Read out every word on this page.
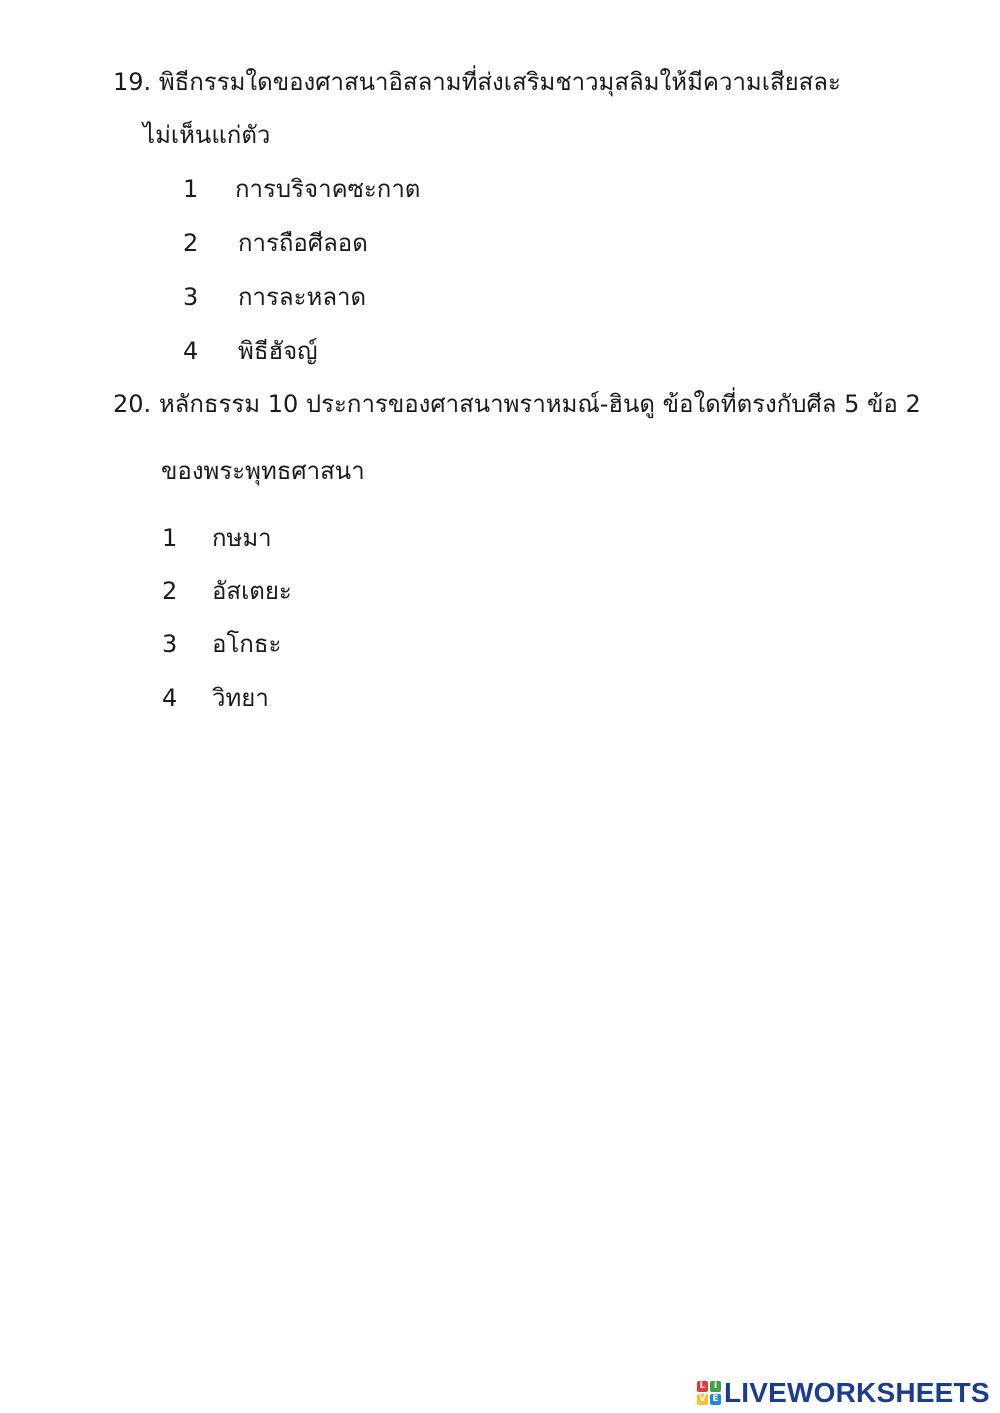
19. พิธีกรรมใดของศาสนาอิสลามที่ส่งเสริมชาวมุสลิมให้มีความเสียสละ
ไม่เห็นแก่ตัว
1 การบริจาคซะกาต
2 การถือศีลอด
3 การละหลาด
4 พิธีฮัจญ์
20. หลักธรรม 10 ประการของศาสนาพราหมณ์-ฮินดู ข้อใดที่ตรงกับศีล 5 ข้อ 2
ของพระพุทธศาสนา
1 กษมา
2 อัสเตยะ
3 อโกธะ
4 วิทยา
L I
V E LIVEWORKSHEETS
